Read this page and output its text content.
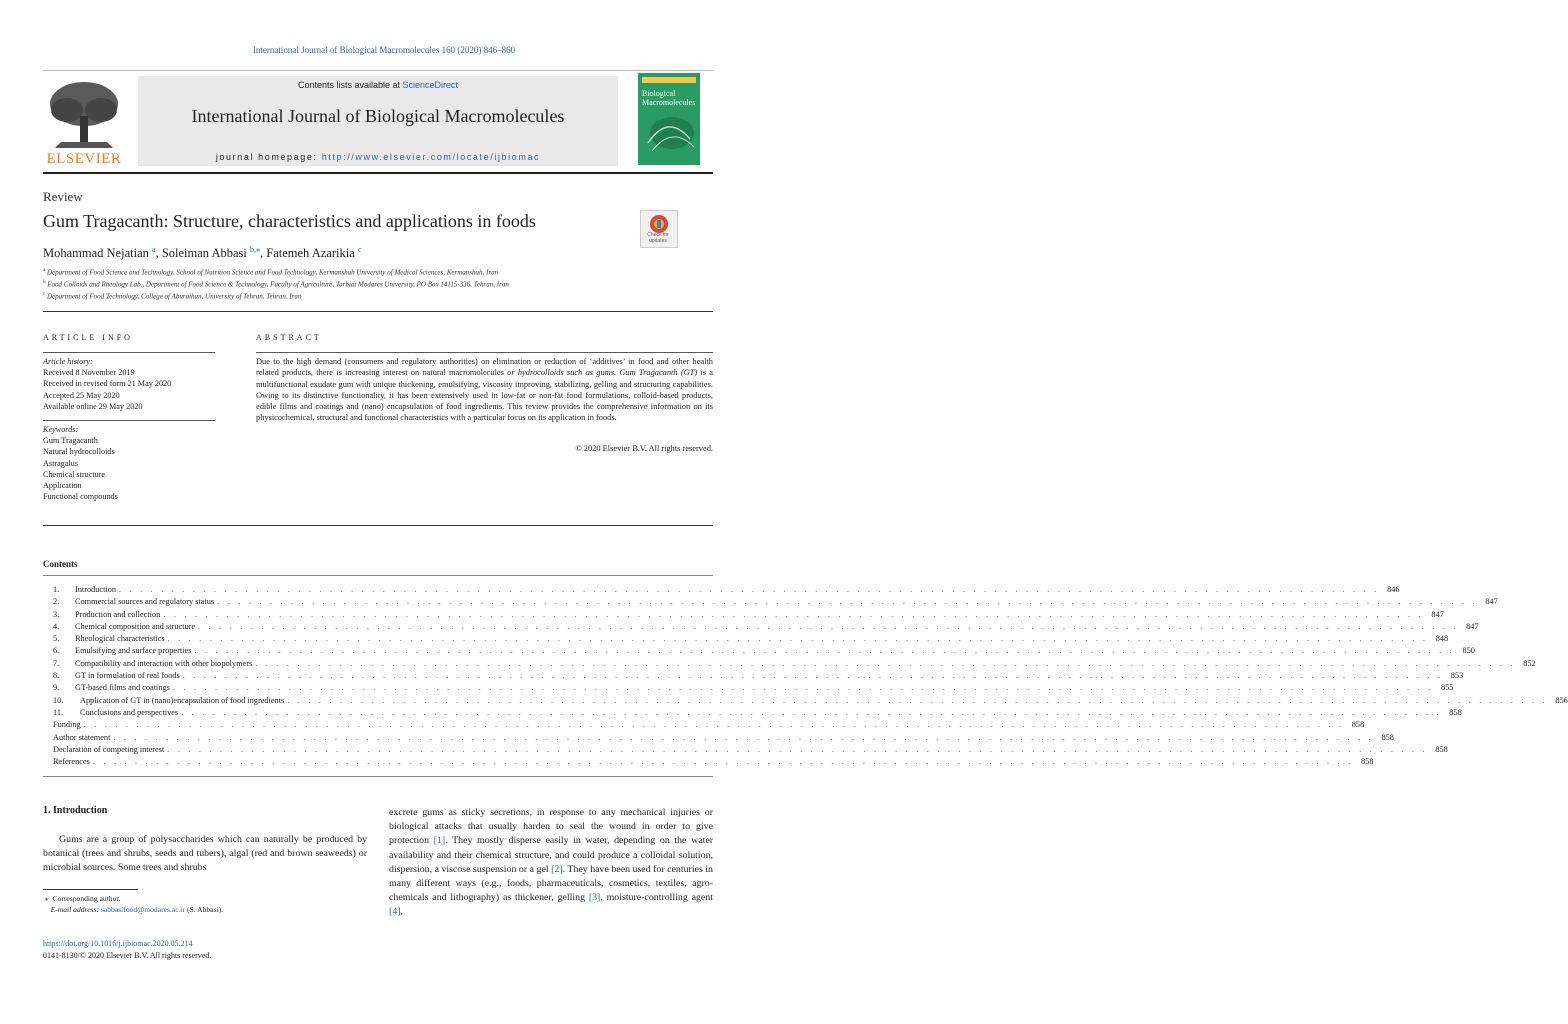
International Journal of Biological Macromolecules 160 (2020) 846–860
ELSEVIER
Contents lists available at ScienceDirect
International Journal of Biological Macromolecules
journal homepage: http://www.elsevier.com/locate/ijbiomac
Biological Macromolecules
Review
Gum Tragacanth: Structure, characteristics and applications in foods
Check for updates
Mohammad Nejatian $^a$, Soleiman Abbasi $^{b,⁎}$, Fatemeh Azarikia $^c$
$^a$ Department of Food Science and Technology, School of Nutrition Science and Food Technology, Kermanshah University of Medical Sciences, Kermanshah, Iran
$^b$ Food Colloids and Rheology Lab., Department of Food Science & Technology, Faculty of Agriculture, Tarbiat Modares University, PO Box 14115-336, Tehran, Iran
$^c$ Department of Food Technology, College of Aburaihan, University of Tehran, Tehran, Iran
ARTICLE INFO	ABSTRACT
Article history:
Received 8 November 2019
Received in revised form 21 May 2020
Accepted 25 May 2020
Available online 29 May 2020
Keywords:
Gum Tragacanth
Natural hydrocolloids
Astragalus
Chemical structure
Application
Functional compounds
Due to the high demand (consumers and regulatory authorities) on elimination or reduction of ‘additives’ in food and other health related products, there is increasing interest on natural macromolecules or hydrocolloids such as gums. Gum Tragacanth (GT) is a multifunctional exudate gum with unique thickening, emulsifying, viscosity improving, stabilizing, gelling and structuring capabilities. Owing to its distinctive functionality, it has been extensively used in low-fat or non-fat food formulations, colloid-based products, edible films and coatings and (nano) encapsulation of food ingredients. This review provides the comprehensive information on its physicochemical, structural and functional characteristics with a particular focus on its application in foods.
© 2020 Elsevier B.V. All rights reserved.
Contents
1.	Introduction . . . . . . . . . . . . . . . . . . . . . . . . . . . . . . . . . . . . . . . . . . . . . . . . . . . . . . . . . . . . . . . . . . . . . . . . . . . . . . . . . . . . . . . . . . . . . . . . . . . . . . . . . . . . . . . . . . . . . . . . 846
2.	Commercial sources and regulatory status . . . . . . . . . . . . . . . . . . . . . . . . . . . . . . . . . . . . . . . . . . . . . . . . . . . . . . . . . . . . . . . . . . . . . . . . . . . . . . . . . . . . . . . . . . . . . . . . . . . . . . . . . . . . . . . . . . . . . . . . 847
3.	Production and collection . . . . . . . . . . . . . . . . . . . . . . . . . . . . . . . . . . . . . . . . . . . . . . . . . . . . . . . . . . . . . . . . . . . . . . . . . . . . . . . . . . . . . . . . . . . . . . . . . . . . . . . . . . . . . . . . . . . . . . . . 847
4.	Chemical composition and structure . . . . . . . . . . . . . . . . . . . . . . . . . . . . . . . . . . . . . . . . . . . . . . . . . . . . . . . . . . . . . . . . . . . . . . . . . . . . . . . . . . . . . . . . . . . . . . . . . . . . . . . . . . . . . . . . . . . . . . . . 847
5.	Rheological characteristics . . . . . . . . . . . . . . . . . . . . . . . . . . . . . . . . . . . . . . . . . . . . . . . . . . . . . . . . . . . . . . . . . . . . . . . . . . . . . . . . . . . . . . . . . . . . . . . . . . . . . . . . . . . . . . . . . . . . . . . . 848
6.	Emulsifying and surface properties . . . . . . . . . . . . . . . . . . . . . . . . . . . . . . . . . . . . . . . . . . . . . . . . . . . . . . . . . . . . . . . . . . . . . . . . . . . . . . . . . . . . . . . . . . . . . . . . . . . . . . . . . . . . . . . . . . . . . . . . 850
7.	Compatibility and interaction with other biopolymers . . . . . . . . . . . . . . . . . . . . . . . . . . . . . . . . . . . . . . . . . . . . . . . . . . . . . . . . . . . . . . . . . . . . . . . . . . . . . . . . . . . . . . . . . . . . . . . . . . . . . . . . . . . . . . . . . . . . . . . . 852
8.	GT in formulation of real foods . . . . . . . . . . . . . . . . . . . . . . . . . . . . . . . . . . . . . . . . . . . . . . . . . . . . . . . . . . . . . . . . . . . . . . . . . . . . . . . . . . . . . . . . . . . . . . . . . . . . . . . . . . . . . . . . . . . . . . . . 853
9.	GT-based films and coatings . . . . . . . . . . . . . . . . . . . . . . . . . . . . . . . . . . . . . . . . . . . . . . . . . . . . . . . . . . . . . . . . . . . . . . . . . . . . . . . . . . . . . . . . . . . . . . . . . . . . . . . . . . . . . . . . . . . . . . . . 855
10.	Application of GT in (nano)encapsulation of food ingredients . . . . . . . . . . . . . . . . . . . . . . . . . . . . . . . . . . . . . . . . . . . . . . . . . . . . . . . . . . . . . . . . . . . . . . . . . . . . . . . . . . . . . . . . . . . . . . . . . . . . . . . . . . . . . . . . . . . . . . . . 856
11.	Conclusions and perspectives . . . . . . . . . . . . . . . . . . . . . . . . . . . . . . . . . . . . . . . . . . . . . . . . . . . . . . . . . . . . . . . . . . . . . . . . . . . . . . . . . . . . . . . . . . . . . . . . . . . . . . . . . . . . . . . . . . . . . . . . 858
Funding . . . . . . . . . . . . . . . . . . . . . . . . . . . . . . . . . . . . . . . . . . . . . . . . . . . . . . . . . . . . . . . . . . . . . . . . . . . . . . . . . . . . . . . . . . . . . . . . . . . . . . . . . . . . . . . . . . . . . . . . 858
Author statement . . . . . . . . . . . . . . . . . . . . . . . . . . . . . . . . . . . . . . . . . . . . . . . . . . . . . . . . . . . . . . . . . . . . . . . . . . . . . . . . . . . . . . . . . . . . . . . . . . . . . . . . . . . . . . . . . . . . . . . . 858
Declaration of competing interest . . . . . . . . . . . . . . . . . . . . . . . . . . . . . . . . . . . . . . . . . . . . . . . . . . . . . . . . . . . . . . . . . . . . . . . . . . . . . . . . . . . . . . . . . . . . . . . . . . . . . . . . . . . . . . . . . . . . . . . . 858
References . . . . . . . . . . . . . . . . . . . . . . . . . . . . . . . . . . . . . . . . . . . . . . . . . . . . . . . . . . . . . . . . . . . . . . . . . . . . . . . . . . . . . . . . . . . . . . . . . . . . . . . . . . . . . . . . . . . . . . . . 858
1. Introduction
Gums are a group of polysaccharides which can naturally be produced by botanical (trees and shrubs, seeds and tubers), algal (red and brown seaweeds) or microbial sources. Some trees and shrubs
excrete gums as sticky secretions, in response to any mechanical injuries or biological attacks that usually harden to seal the wound in order to give protection [1]. They mostly disperse easily in water, depending on the water availability and their chemical structure, and could produce a colloidal solution, dispersion, a viscose suspension or a gel [2]. They have been used for centuries in many different ways (e.g., foods, pharmaceuticals, cosmetics, textiles, agro-chemicals and lithography) as thickener, gelling [3], moisture-controlling agent [4],
⁎ Corresponding author.
E-mail address: sabbasifood@modares.ac.ir (S. Abbasi).
https://doi.org/10.1016/j.ijbiomac.2020.05.214
0141-8130/© 2020 Elsevier B.V. All rights reserved.
